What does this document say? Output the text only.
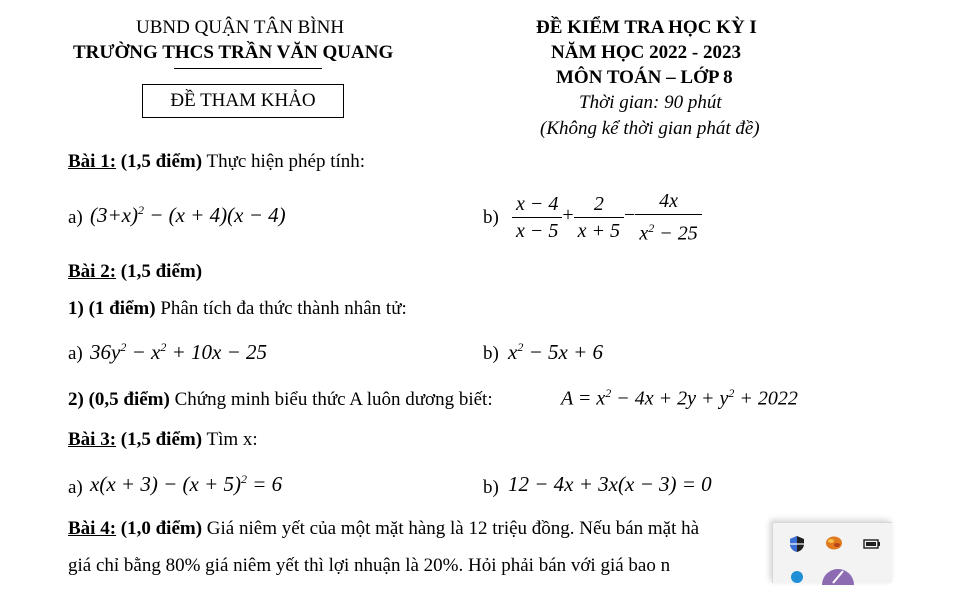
UBND QUẬN TÂN BÌNH
TRƯỜNG THCS TRẦN VĂN QUANG
ĐỀ THAM KHẢO
ĐỀ KIỂM TRA HỌC KỲ I
NĂM HỌC 2022 - 2023
MÔN TOÁN – LỚP 8
Thời gian: 90 phút
(Không kể thời gian phát đề)
Bài 1: (1,5 điểm) Thực hiện phép tính:
a) $(3+x)^2 - (x + 4)(x - 4)$	$b) \frac{x - 4}{x - 5} + \frac{2}{x + 5} - \frac{4x}{x^2 - 25}$
Bài 2: (1,5 điểm)
1) (1 điểm) Phân tích đa thức thành nhân tử:
a) $36y^2 - x^2 + 10x - 25$	b) $x^2 - 5x + 6$
2) (0,5 điểm) Chứng minh biểu thức A luôn dương biết:	$A = x^2 - 4x + 2y + y^2 + 2022$
Bài 3: (1,5 điểm) Tìm x:
a) $x(x + 3) - (x + 5)^2 = 6$	b) 12 − 4x + 3x(x − 3) = 0
Bài 4: (1,0 điểm) Giá niêm yết của một mặt hàng là 12 triệu đồng. Nếu bán mặt hà
giá chỉ bằng 80% giá niêm yết thì lợi nhuận là 20%. Hỏi phải bán với giá bao n
